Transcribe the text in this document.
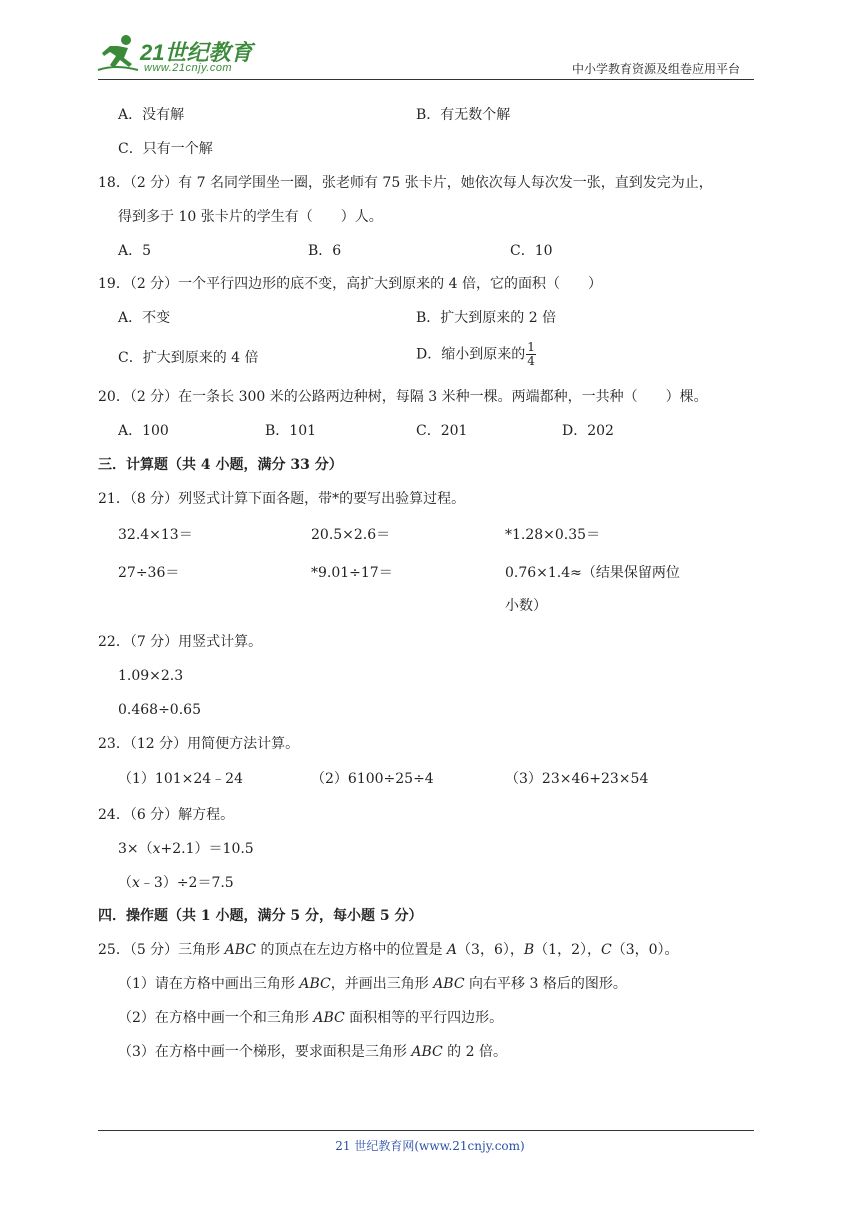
21世纪教育
www.21cnjy.com	中小学教育资源及组卷应用平台
A．没有解	B．有无数个解
C．只有一个解
18．（2 分）有 7 名同学围坐一圈，张老师有 75 张卡片，她依次每人每次发一张，直到发完为止，
得到多于 10 张卡片的学生有（　　）人。
A．5	B．6	C．10
19．（2 分）一个平行四边形的底不变，高扩大到原来的 4 倍，它的面积（　　）
A．不变	B．扩大到原来的 2 倍
C．扩大到原来的 4 倍	D．缩小到原来的 $\frac{1}{4}$
20．（2 分）在一条长 300 米的公路两边种树，每隔 3 米种一棵。两端都种，一共种（　　）棵。
A．100	B．101	C．201	D．202
三．计算题（共 4 小题，满分 33 分）
21．（8 分）列竖式计算下面各题，带*的要写出验算过程。
32.4×13＝	20.5×2.6＝	*1.28×0.35＝
27÷36＝	*9.01÷17＝	0.76×1.4≈（结果保留两位
小数）
22．（7 分）用竖式计算。
1.09×2.3
0.468÷0.65
23．（12 分）用简便方法计算。
（1）101×24﹣24	（2）6100÷25÷4	（3）23×46+23×54
24．（6 分）解方程。
3×（x+2.1）＝10.5
（x﹣3）÷2＝7.5
四．操作题（共 1 小题，满分 5 分，每小题 5 分）
25．（5 分）三角形 ABC 的顶点在左边方格中的位置是 A（3，6），B（1，2），C（3，0）。
（1）请在方格中画出三角形 ABC，并画出三角形 ABC 向右平移 3 格后的图形。
（2）在方格中画一个和三角形 ABC 面积相等的平行四边形。
（3）在方格中画一个梯形，要求面积是三角形 ABC 的 2 倍。
21 世纪教育网(www.21cnjy.com)
